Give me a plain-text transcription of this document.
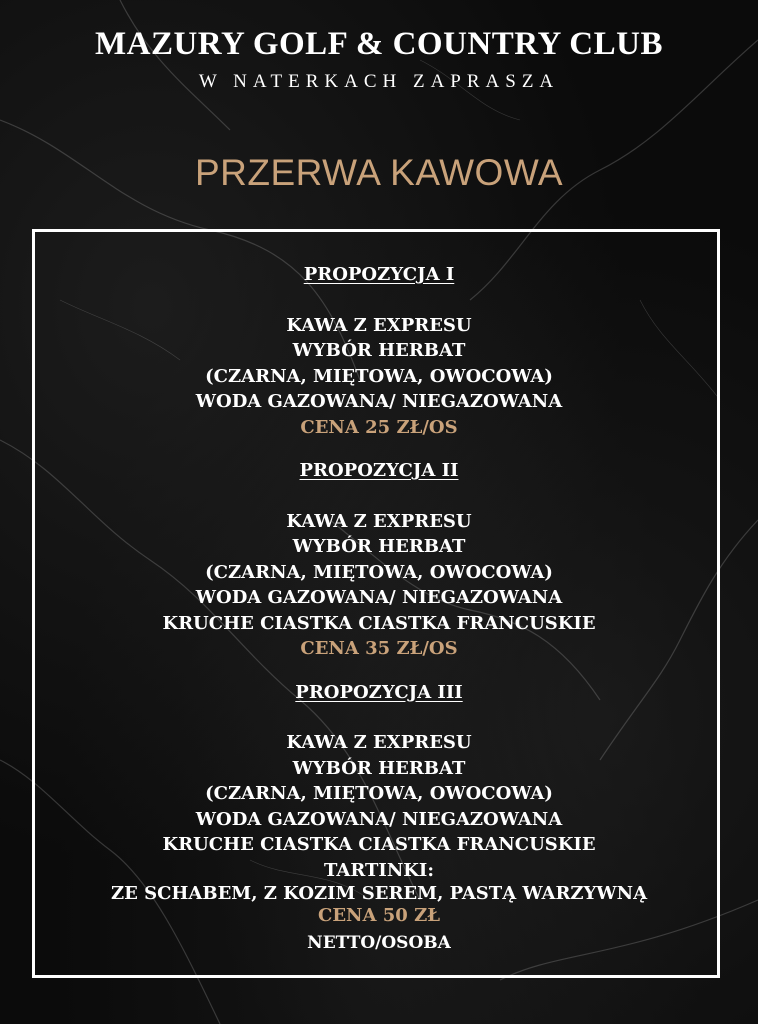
MAZURY GOLF & COUNTRY CLUB
W NATERKACH ZAPRASZA
PRZERWA KAWOWA
PROPOZYCJA I
KAWA Z EXPRESU
WYBÓR HERBAT
(CZARNA, MIĘTOWA, OWOCOWA)
WODA GAZOWANA/ NIEGAZOWANA
CENA 25 ZŁ/OS
PROPOZYCJA II
KAWA Z EXPRESU
WYBÓR HERBAT
(CZARNA, MIĘTOWA, OWOCOWA)
WODA GAZOWANA/ NIEGAZOWANA
KRUCHE CIASTKA CIASTKA FRANCUSKIE
CENA 35 ZŁ/OS
PROPOZYCJA III
KAWA Z EXPRESU
WYBÓR HERBAT
(CZARNA, MIĘTOWA, OWOCOWA)
WODA GAZOWANA/ NIEGAZOWANA
KRUCHE CIASTKA CIASTKA FRANCUSKIE
TARTINKI:
ZE SCHABEM, Z KOZIM SEREM, PASTĄ WARZYWNĄ
CENA 50 ZŁ
NETTO/OSOBA
